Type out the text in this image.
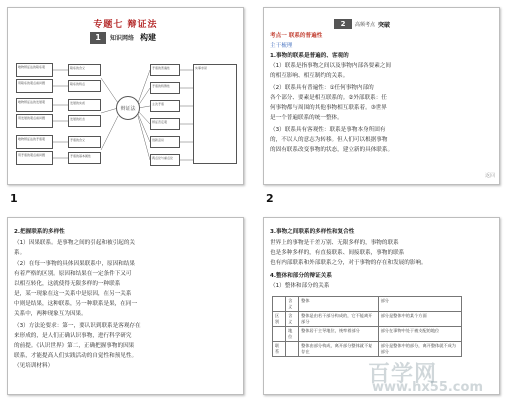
专题七 辩证法
1	知识网络 构建
唯物辩证法的联系观
用联系的观点看问题
唯物辩证法的发展观
用发展的观点看问题
唯物辩证法的矛盾观
用矛盾的观点看问题
联系的含义
联系的特点
发展的实质
发展的状态
矛盾的含义
矛盾的基本属性
辩证法
矛盾的普遍性
矛盾的特殊性
主次矛盾
辩证否定观
创新意识
两点论与重点论
实事求是
1
2	高频考点 突破
考点一 联系的普遍性
主干梳理
1.事物的联系是普遍的、客观的
（1）联系是指事物之间以及事物内部各要素之间
的相互影响、相互制约的关系。
（2）联系具有普遍性：①任何事物内部的
各个部分、要素是相互联系的。②外部联系：任
何事物都与周围的其他事物相互联系着。③世界
是一个普遍联系的统一整体。
（3）联系具有客观性：联系是事物本身所固有
的，不以人的意志为转移。但人们可以根据事物
的固有联系改变事物的状态，建立新的具体联系。
返回
2
2.把握联系的多样性
（1）因果联系。是事物之间的引起和被引起的关
系。
（2）在每一事物的具体因果联系中，原因和结果
有着严格的区别。原因和结果在一定条件下又可
以相互转化，这就使得无限多样的一种联系
是，某一现象在这一关系中是原因，在另一关系
中则是结果，这种联系，另一种联系是果，在同一
关系中，两种现象互为因果。
（3）方法论要求：第一，要认识到联系是客观存在
来形成的，是人们正确认识事物，进行科学研究
的前提。《认识世界》第二，正确把握事物的因果
联系，才能提高人们实践活动的自觉性和预见性。
（见培训材料）
3.事物之间联系的多样性和复合性
世界上的事物是千差万别、无限多样的，事物的联系
也是多种多样的，有直接联系、间接联系，事物的联系
也有内部联系和外部联系之分，对于事物的存在和发展的影响。
4.整体和部分的辩证关系
（1）整体和部分的关系
	含义	整体	部分
区别	含义	整体是由若干部分构成的，它不能离开部分	部分是整体中的某个方面
	地位	整体居于主导地位，统率着部分	部分在事物中处于被支配的地位
联系		整体由部分构成，离开部分整体就不复存在	部分是整体中的部分，离开整体就不成为部分
百学网
www.hx55.com
